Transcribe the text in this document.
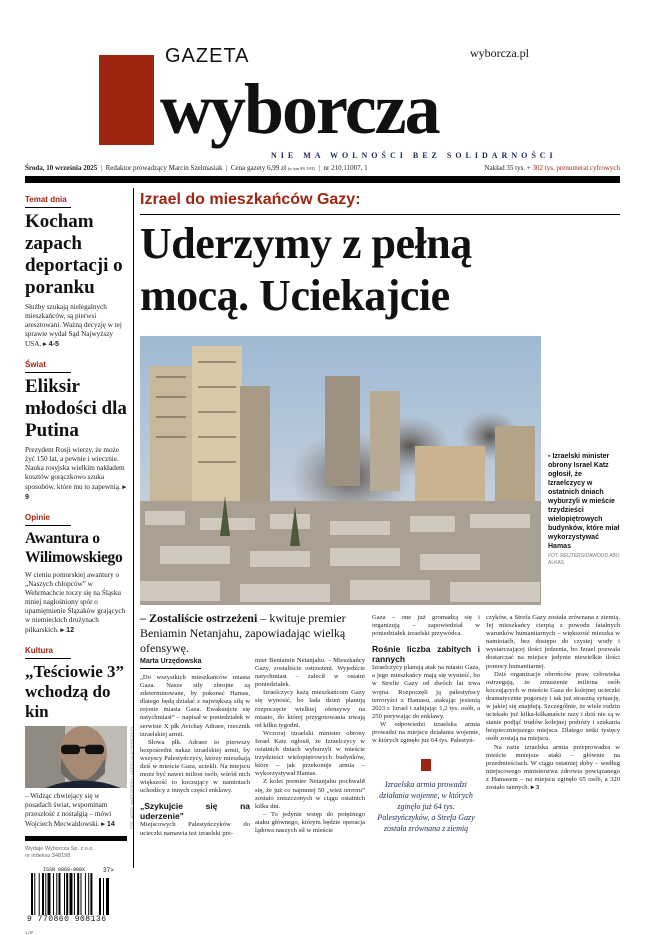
GAZETA
wyborcza
wyborcza.pl
NIE MA WOLNOŚCI BEZ SOLIDARNOŚCI
Środa, 10 września 2025  |  Redaktor prowadzący Marcin Szelmasiak  |  Cena gazety 6,99 zł (w tym 8% VAT)  |  nr 210.11007, 1	Nakład 35 tys. + 302 tys. prenumerat cyfrowych
Temat dnia
Kocham zapach deportacji o poranku
Służby szukają nielegalnych mieszkańców, są pierwsi aresztowani. Ważną decyzję w tej sprawie wydał Sąd Najwyższy USA. ▸ 4-5
Świat
Eliksir młodości dla Putina
Prezydent Rosji wierzy, że może żyć 150 lat, a pewnie i wiecznie. Nauka rosyjska wielkim nakładem kosztów gorączkowo szuka sposobów, które mu to zapewnią. ▸ 9
Opinie
Awantura o Wilimowskiego
W cieniu pomorskiej awantury o „Naszych chłopców” w Wehrmachcie toczy się na Śląsku mniej nagłośniony spór o upamiętnienie Ślązaków grających w niemieckich drużynach piłkarskich. ▸ 12
Kultura
„Teściowie 3” wchodzą do kin
FOT. JACEK MARCZEWSKI / AGENCJA WYBORCZA.PL
– Widząc chwiejący się w posadach świat, wspominam przeszłość z nostalgią – mówi Wojciech Mecwaldowski. ▸ 14
Wydaje Wyborcza Sp. z o.o.
nr indeksu 348198
ISSN 0860-908X	37>
9 770860 908136
1,0P
Izrael do mieszkańców Gazy:
Uderzymy z pełną
mocą. Uciekajcie
▪ Izraelski minister obrony Israel Katz ogłosił, że Izraelczycy w ostatnich dniach wyburzyli w mieście trzydzieści wielopiętrowych budynków, które miał wykorzystywać Hamas
FOT. REUTERS/DAWOUD ABU ALKAS
– Zostaliście ostrzeżeni – kwituje premier Beniamin Netanjahu, zapowiadając wielką ofensywę.
Marta Urzędowska

„Do wszystkich mieszkańców miasta Gaza. Nasze siły zbrojne są zdeterminowane, by pokonać Hamas, dlatego będą działać z największą siłą w rejonie miasta Gaza. Ewakuujcie się natychmiast” – napisał w poniedziałek w serwisie X płk Avichay Adraee, rzecznik izraelskiej armii.

Słowa płk. Adraee to pierwszy bezpośredni nakaz izraelskiej armii, by wszyscy Palestyńczycy, którzy mieszkają dziś w mieście Gaza, uciekli. Na miejscu może być nawet milion osób, wśród nich większość to koczujący w namiotach uchodźcy z innych części enklawy.

„Szykujcie się na uderzenie”

Miejscowych Palestyńczyków do ucieczki namawia też izraelski pre-

mier Beniamin Netanjahu. – Mieszkańcy Gazy, zostaliście ostrzeżeni. Wyjedźcie natychmiast – zalecił w ostatni poniedziałek.

Izraelczycy każą mieszkańcom Gazy się wynosić, bo lada dzień planują rozpoczęcie wielkiej ofensywy na miasto, do której przygotowania trwają od kilku tygodni.

Wczoraj izraelski minister obrony Israel Katz ogłosił, że Izraelczycy w ostatnich dniach wyburzyli w mieście trzydzieści wielopiętrowych budynków, które – jak przekonuje armia – wykorzystywał Hamas.

Z kolei premier Netanjahu pochwalił się, że już co najmniej 50 „wież terroru” zostało zniszczonych w ciągu ostatnich kilku dni.

– To jedynie wstęp do potężnego ataku głównego, którym będzie operacja lądowa naszych sił w mieście

Gaza – one już gromadzą się i organizują – zapowiedział w poniedziałek izraelski przywódca.

Rośnie liczba zabitych i rannych

Izraelczycy planują atak na miasto Gaza, a jego mieszkańcy mają się wynieść, bo w Strefie Gazy od dwóch lat trwa wojna. Rozpoczęli ją palestyńscy terroryści z Hamasu, atakując jesienią 2023 r. Izrael i zabijając 1,2 tys. osób, a 250 porywając do enklawy.

W odpowiedzi izraelska armia prowadzi na miejscu działania wojenne, w których zginęło już 64 tys. Palestyń-

Izraelska armia prowadzi działania wojenne, w których zginęło już 64 tys. Palestyńczyków, a Strefa Gazy została zrównana z ziemią

czyków, a Strefa Gazy została zrównana z ziemią. Jej mieszkańcy cierpią z powodu fatalnych warunków humanitarnych – większość mieszka w namiotach, bez dostępu do czystej wody i wystarczającej ilości jedzenia, bo Izrael pozwala dostarczać na miejsce jedynie niewielkie ilości pomocy humanitarnej.

Dziś organizacje obrońców praw człowieka ostrzegają, że zmuszenie miliona osób koczujących w mieście Gaza do kolejnej ucieczki dramatycznie pogorszy i tak już straszną sytuację, w jakiej się znajdują. Szczególnie, że wiele rodzin uciekało już kilka-kilkanaście razy i dziś nie są w stanie podjąć trudów kolejnej podróży i szukania bezpieczniejszego miejsca. Dlatego setki tysięcy osób zostają na miejscu.

Na razie izraelska armia przeprowadza w mieście mniejsze ataki – głównie na przedmieściach. W ciągu ostatniej doby – według miejscowego ministerstwa zdrowia powiązanego z Hamasem – na miejscu zginęło 65 osób, a 320 zostało rannych. ▸ 3
